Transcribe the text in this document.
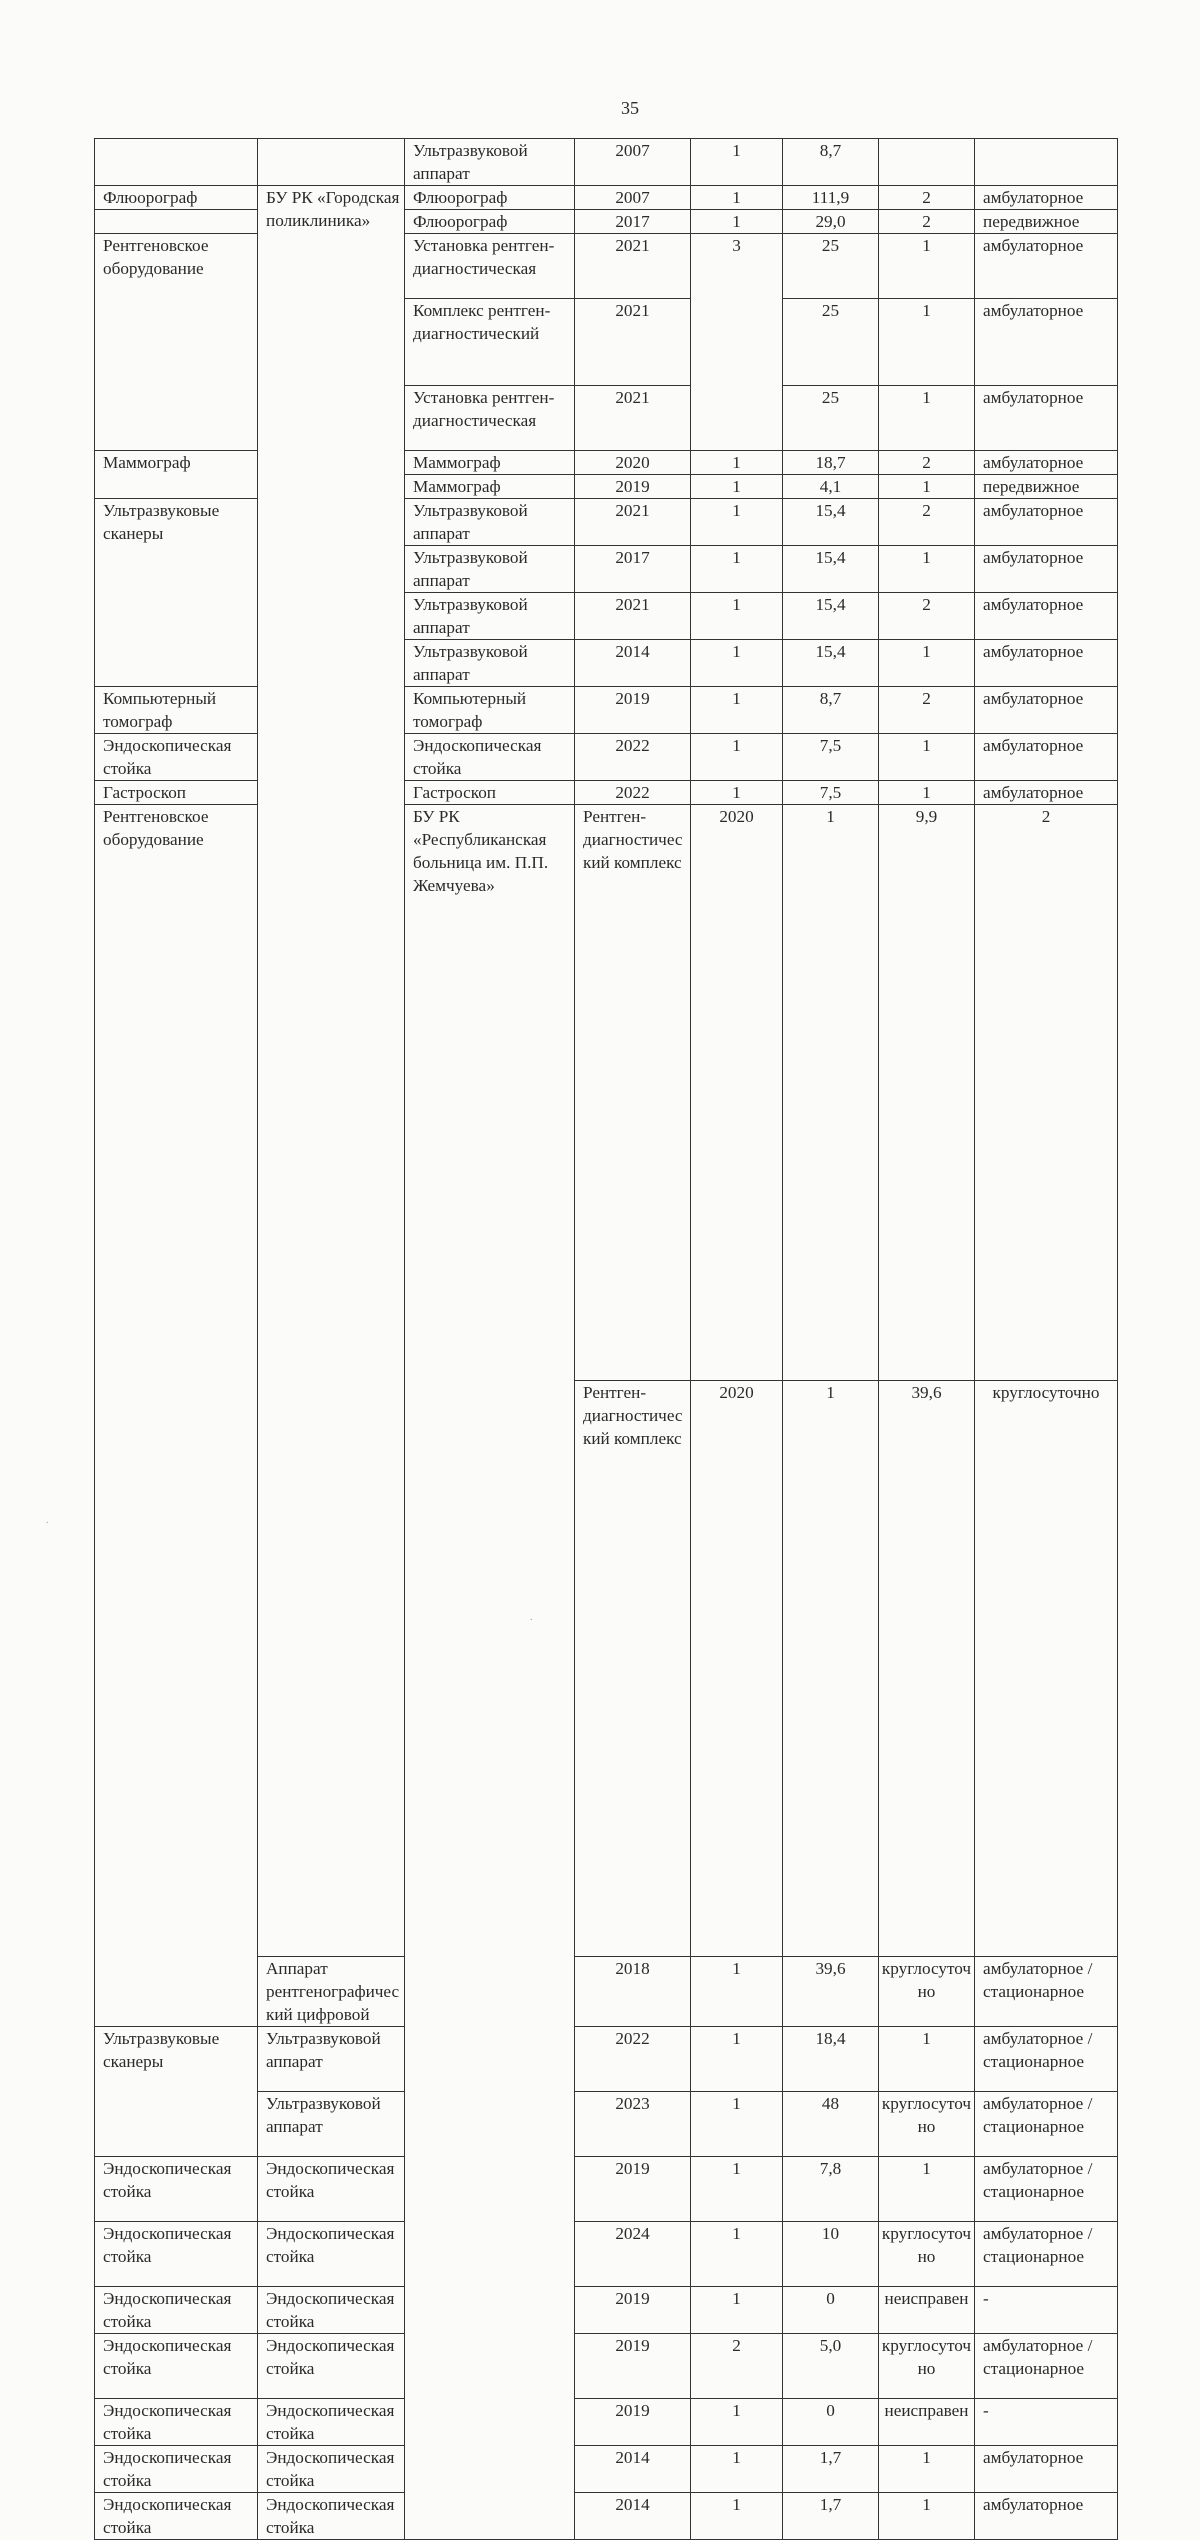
35
		Ультразвуковой аппарат	2007	1	8,7			
Флюорограф	БУ РК «Городская поликлиника»	Флюорограф	2007	1	111,9	2	амбулаторное	
		Флюорограф	2017	1	29,0	2	передвижное	
Рентгеновское оборудование		Установка рентген-диагностическая	2021	3	25	1	амбулаторное	
		Комплекс рентген-диагностический	2021		25	1	амбулаторное	
		Установка рентген-диагностическая	2021		25	1	амбулаторное	
Маммограф		Маммограф	2020	1	18,7	2	амбулаторное	
		Маммограф	2019	1	4,1	1	передвижное	
Ультразвуковые сканеры		Ультразвуковой аппарат	2021	1	15,4	2	амбулаторное	
		Ультразвуковой аппарат	2017	1	15,4	1	амбулаторное	
		Ультразвуковой аппарат	2021	1	15,4	2	амбулаторное	
		Ультразвуковой аппарат	2014	1	15,4	1	амбулаторное	
Компьютерный томограф		Компьютерный томограф	2019	1	8,7	2	амбулаторное	
Эндоскопическая стойка		Эндоскопическая стойка	2022	1	7,5	1	амбулаторное	
Гастроскоп		Гастроскоп	2022	1	7,5	1	амбулаторное	
Рентгеновское оборудование		БУ РК «Республиканская больница им. П.П. Жемчуева»	Рентген-диагностический комплекс	2020	1	9,9	2	
			Рентген-диагностический комплекс	2020	1	39,6	круглосуточно	
	Аппарат рентгенографический цифровой		2018	1	39,6	круглосуточно	амбулаторное / стационарное	
Ультразвуковые сканеры	Ультразвуковой аппарат		2022	1	18,4	1	амбулаторное / стационарное	
	Ультразвуковой аппарат		2023	1	48	круглосуточно	амбулаторное / стационарное	
Эндоскопическая стойка	Эндоскопическая стойка		2019	1	7,8	1	амбулаторное / стационарное	
Эндоскопическая стойка	Эндоскопическая стойка		2024	1	10	круглосуточно	амбулаторное / стационарное	
Эндоскопическая стойка	Эндоскопическая стойка		2019	1	0	неисправен	-	
Эндоскопическая стойка	Эндоскопическая стойка		2019	2	5,0	круглосуточно	амбулаторное / стационарное	
Эндоскопическая стойка	Эндоскопическая стойка		2019	1	0	неисправен	-	
Эндоскопическая стойка	Эндоскопическая стойка		2014	1	1,7	1	амбулаторное	
Эндоскопическая стойка	Эндоскопическая стойка		2014	1	1,7	1	амбулаторное	
.
.
